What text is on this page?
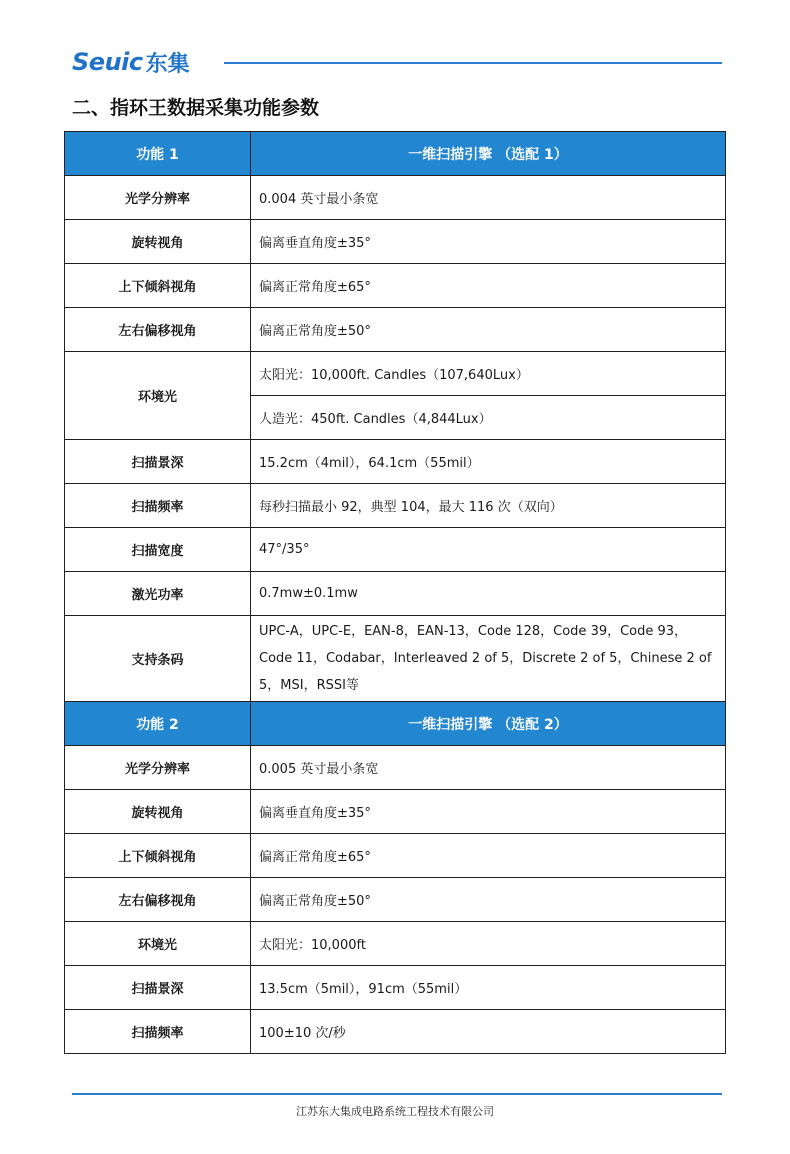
Seuic 东集
二、指环王数据采集功能参数
功能 1	一维扫描引擎 （选配 1）
光学分辨率	0.004 英寸最小条宽
旋转视角	偏离垂直角度±35°
上下倾斜视角	偏离正常角度±65°
左右偏移视角	偏离正常角度±50°
环境光	太阳光：10,000ft. Candles（107,640Lux）
	人造光：450ft. Candles（4,844Lux）
扫描景深	15.2cm（4mil），64.1cm（55mil）
扫描频率	每秒扫描最小 92，典型 104，最大 116 次（双向）
扫描宽度	47°/35°
激光功率	0.7mw±0.1mw
支持条码	UPC-A，UPC-E，EAN-8，EAN-13，Code 128，Code 39，Code 93，Code 11，Codabar，Interleaved 2 of 5，Discrete 2 of 5，Chinese 2 of 5，MSI，RSSI等
功能 2	一维扫描引擎 （选配 2）
光学分辨率	0.005 英寸最小条宽
旋转视角	偏离垂直角度±35°
上下倾斜视角	偏离正常角度±65°
左右偏移视角	偏离正常角度±50°
环境光	太阳光：10,000ft
扫描景深	13.5cm（5mil），91cm（55mil）
扫描频率	100±10 次/秒
江苏东大集成电路系统工程技术有限公司
